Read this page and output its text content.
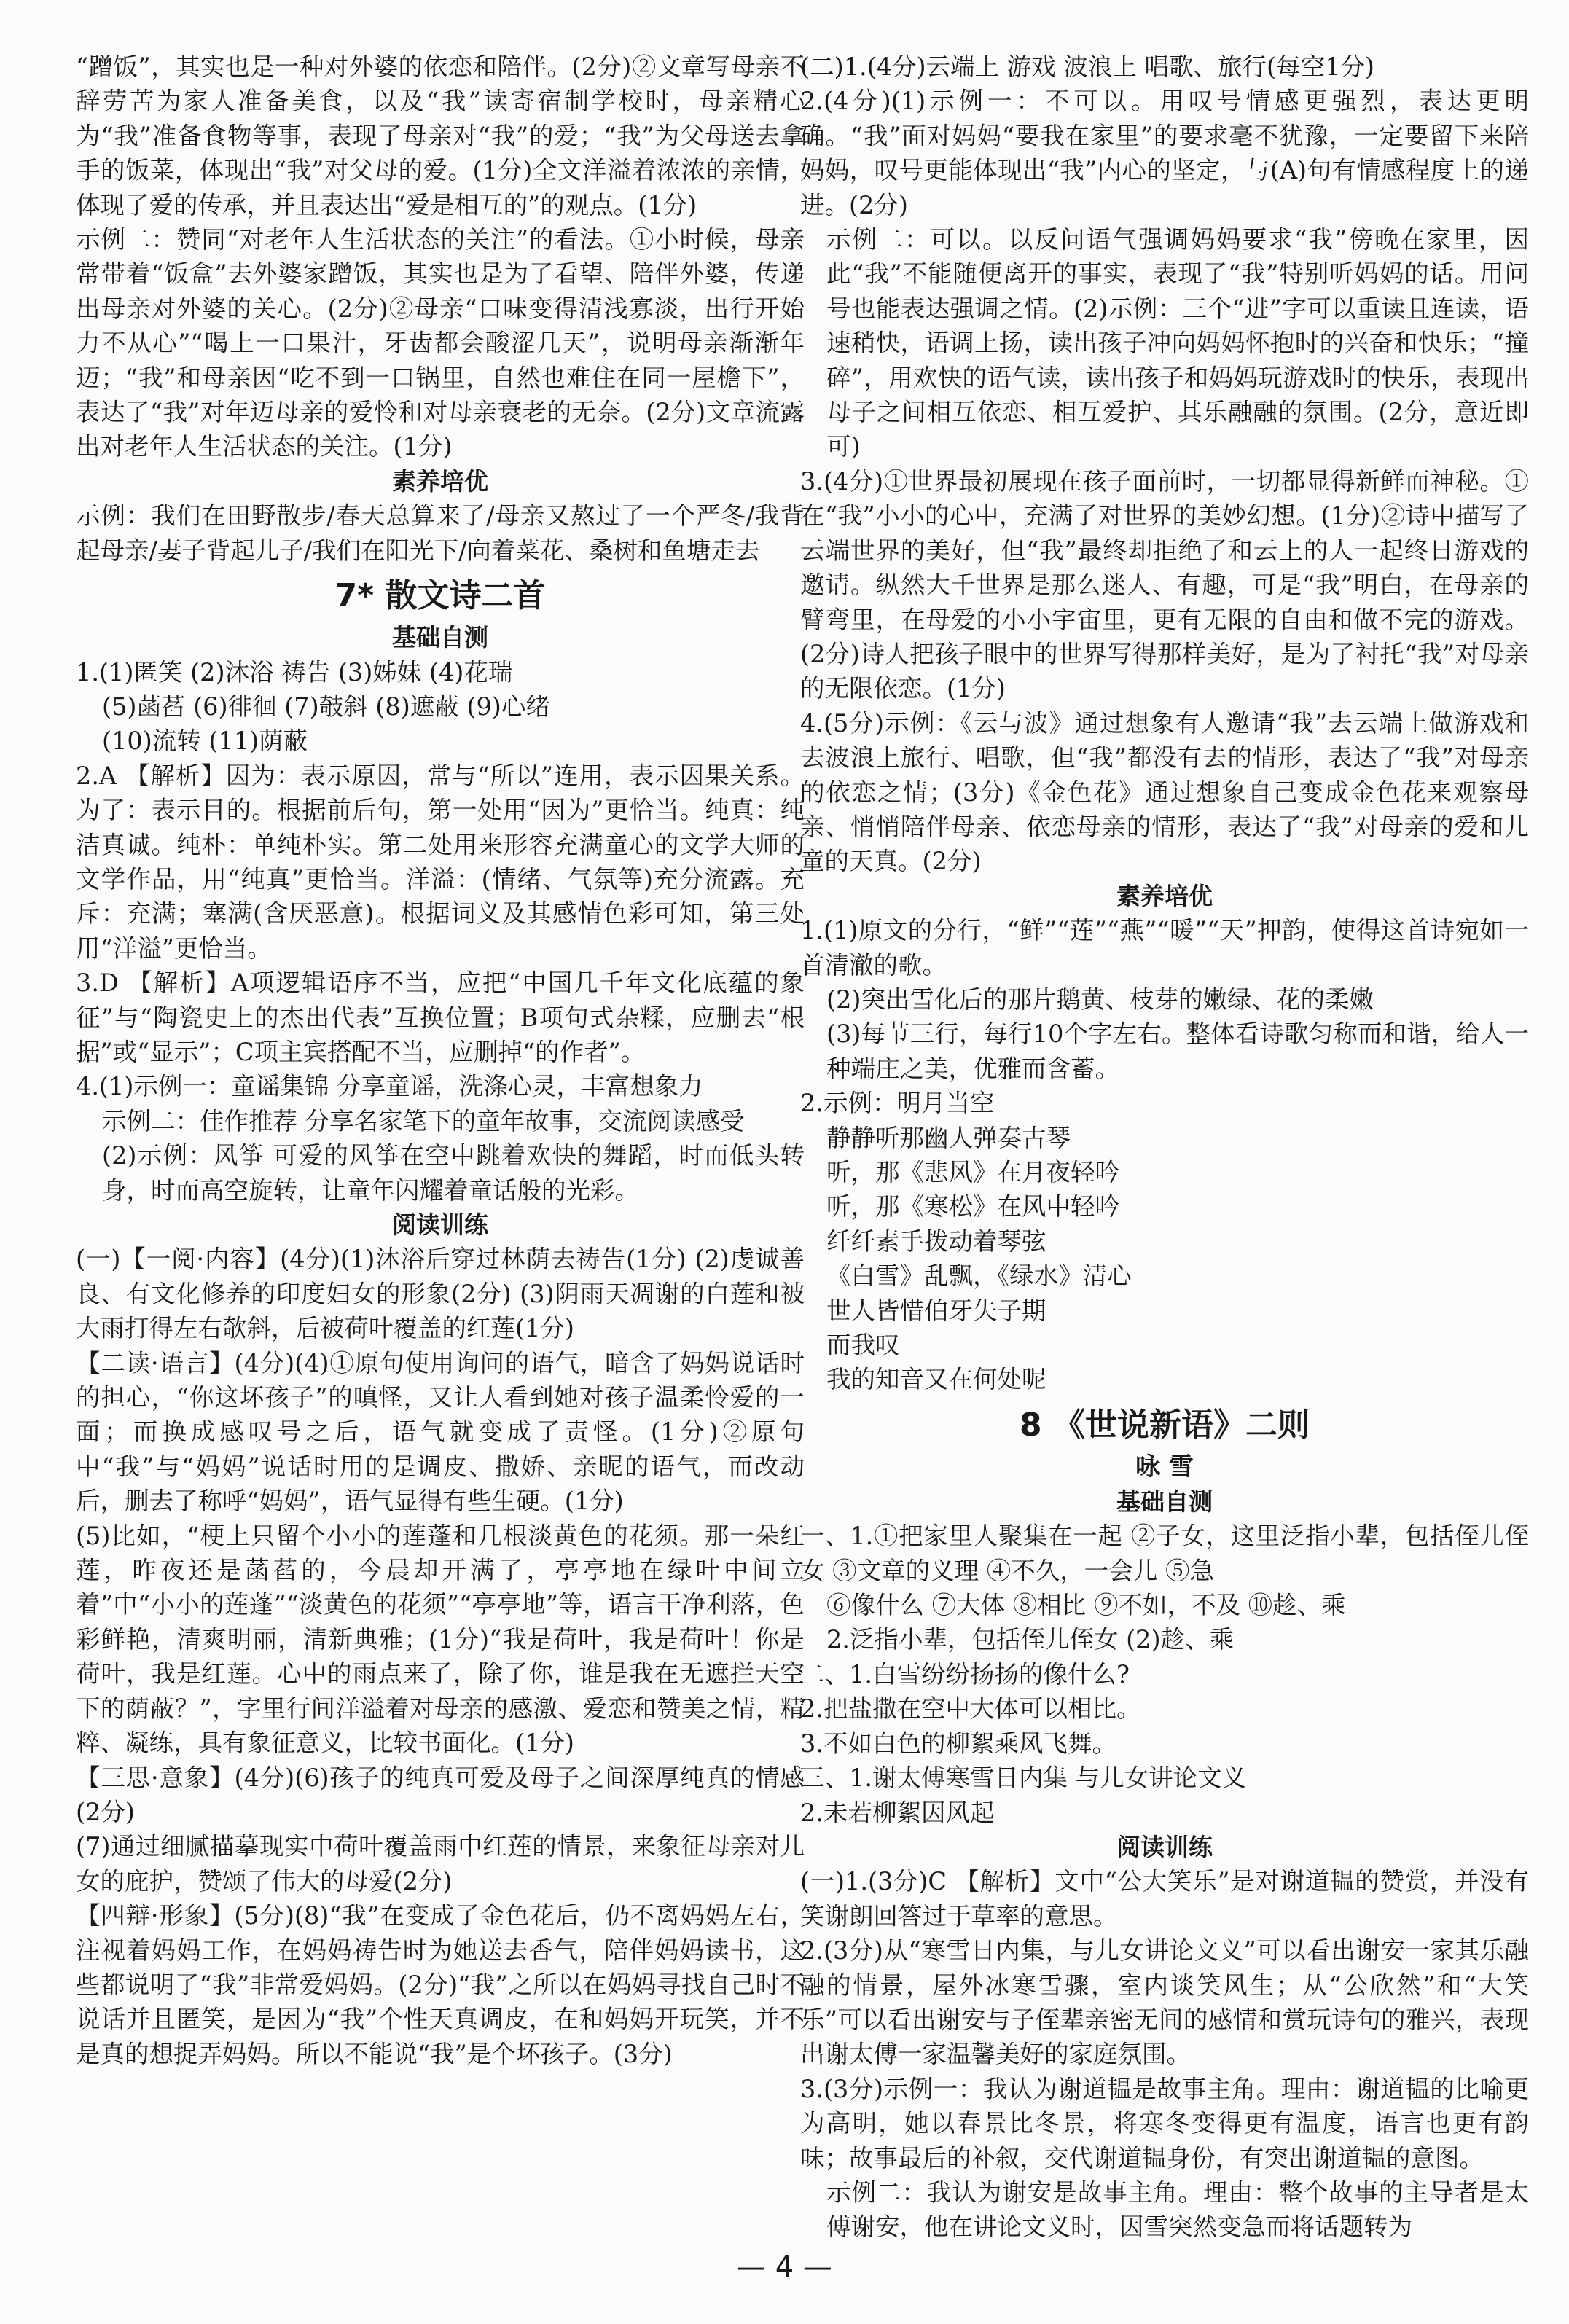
“蹭饭”，其实也是一种对外婆的依恋和陪伴。(2分)②文章写母亲不辞劳苦为家人准备美食，以及“我”读寄宿制学校时，母亲精心为“我”准备食物等事，表现了母亲对“我”的爱；“我”为父母送去拿手的饭菜，体现出“我”对父母的爱。(1分)全文洋溢着浓浓的亲情，体现了爱的传承，并且表达出“爱是相互的”的观点。(1分)

示例二：赞同“对老年人生活状态的关注”的看法。①小时候，母亲常带着“饭盒”去外婆家蹭饭，其实也是为了看望、陪伴外婆，传递出母亲对外婆的关心。(2分)②母亲“口味变得清浅寡淡，出行开始力不从心”“喝上一口果汁，牙齿都会酸涩几天”，说明母亲渐渐年迈；“我”和母亲因“吃不到一口锅里，自然也难住在同一屋檐下”，表达了“我”对年迈母亲的爱怜和对母亲衰老的无奈。(2分)文章流露出对老年人生活状态的关注。(1分)

素养培优

示例：我们在田野散步/春天总算来了/母亲又熬过了一个严冬/我背起母亲/妻子背起儿子/我们在阳光下/向着菜花、桑树和鱼塘走去

7* 散文诗二首

基础自测

1.(1)匿笑 (2)沐浴 祷告 (3)姊妹 (4)花瑞

(5)菡萏 (6)徘徊 (7)攲斜 (8)遮蔽 (9)心绪

(10)流转 (11)荫蔽

2.A 【解析】因为：表示原因，常与“所以”连用，表示因果关系。为了：表示目的。根据前后句，第一处用“因为”更恰当。纯真：纯洁真诚。纯朴：单纯朴实。第二处用来形容充满童心的文学大师的文学作品，用“纯真”更恰当。洋溢：(情绪、气氛等)充分流露。充斥：充满；塞满(含厌恶意)。根据词义及其感情色彩可知，第三处用“洋溢”更恰当。

3.D 【解析】A项逻辑语序不当，应把“中国几千年文化底蕴的象征”与“陶瓷史上的杰出代表”互换位置；B项句式杂糅，应删去“根据”或“显示”；C项主宾搭配不当，应删掉“的作者”。

4.(1)示例一：童谣集锦 分享童谣，洗涤心灵，丰富想象力

示例二：佳作推荐 分享名家笔下的童年故事，交流阅读感受

(2)示例：风筝 可爱的风筝在空中跳着欢快的舞蹈，时而低头转身，时而高空旋转，让童年闪耀着童话般的光彩。

阅读训练

(一)【一阅·内容】(4分)(1)沐浴后穿过林荫去祷告(1分) (2)虔诚善良、有文化修养的印度妇女的形象(2分) (3)阴雨天凋谢的白莲和被大雨打得左右欹斜，后被荷叶覆盖的红莲(1分)

【二读·语言】(4分)(4)①原句使用询问的语气，暗含了妈妈说话时的担心，“你这坏孩子”的嗔怪，又让人看到她对孩子温柔怜爱的一面；而换成感叹号之后，语气就变成了责怪。(1分)②原句中“我”与“妈妈”说话时用的是调皮、撒娇、亲昵的语气，而改动后，删去了称呼“妈妈”，语气显得有些生硬。(1分)

(5)比如，“梗上只留个小小的莲蓬和几根淡黄色的花须。那一朵红莲，昨夜还是菡萏的，今晨却开满了，亭亭地在绿叶中间立着”中“小小的莲蓬”“淡黄色的花须”“亭亭地”等，语言干净利落，色彩鲜艳，清爽明丽，清新典雅；(1分)“我是荷叶，我是荷叶！你是荷叶，我是红莲。心中的雨点来了，除了你，谁是我在无遮拦天空下的荫蔽？”，字里行间洋溢着对母亲的感激、爱恋和赞美之情，精粹、凝练，具有象征意义，比较书面化。(1分)

【三思·意象】(4分)(6)孩子的纯真可爱及母子之间深厚纯真的情感(2分)

(7)通过细腻描摹现实中荷叶覆盖雨中红莲的情景，来象征母亲对儿女的庇护，赞颂了伟大的母爱(2分)

【四辩·形象】(5分)(8)“我”在变成了金色花后，仍不离妈妈左右，注视着妈妈工作，在妈妈祷告时为她送去香气，陪伴妈妈读书，这些都说明了“我”非常爱妈妈。(2分)“我”之所以在妈妈寻找自己时不说话并且匿笑，是因为“我”个性天真调皮，在和妈妈开玩笑，并不是真的想捉弄妈妈。所以不能说“我”是个坏孩子。(3分)

(二)1.(4分)云端上 游戏 波浪上 唱歌、旅行(每空1分)

2.(4分)(1)示例一：不可以。用叹号情感更强烈，表达更明确。“我”面对妈妈“要我在家里”的要求毫不犹豫，一定要留下来陪妈妈，叹号更能体现出“我”内心的坚定，与(A)句有情感程度上的递进。(2分)

示例二：可以。以反问语气强调妈妈要求“我”傍晚在家里，因此“我”不能随便离开的事实，表现了“我”特别听妈妈的话。用问号也能表达强调之情。(2)示例：三个“进”字可以重读且连读，语速稍快，语调上扬，读出孩子冲向妈妈怀抱时的兴奋和快乐；“撞碎”，用欢快的语气读，读出孩子和妈妈玩游戏时的快乐，表现出母子之间相互依恋、相互爱护、其乐融融的氛围。(2分，意近即可)

3.(4分)①世界最初展现在孩子面前时，一切都显得新鲜而神秘。①在“我”小小的心中，充满了对世界的美妙幻想。(1分)②诗中描写了云端世界的美好，但“我”最终却拒绝了和云上的人一起终日游戏的邀请。纵然大千世界是那么迷人、有趣，可是“我”明白，在母亲的臂弯里，在母爱的小小宇宙里，更有无限的自由和做不完的游戏。(2分)诗人把孩子眼中的世界写得那样美好，是为了衬托“我”对母亲的无限依恋。(1分)

4.(5分)示例：《云与波》通过想象有人邀请“我”去云端上做游戏和去波浪上旅行、唱歌，但“我”都没有去的情形，表达了“我”对母亲的依恋之情；(3分)《金色花》通过想象自己变成金色花来观察母亲、悄悄陪伴母亲、依恋母亲的情形，表达了“我”对母亲的爱和儿童的天真。(2分)

素养培优

1.(1)原文的分行，“鲜”“莲”“燕”“暖”“天”押韵，使得这首诗宛如一首清澈的歌。

(2)突出雪化后的那片鹅黄、枝芽的嫩绿、花的柔嫩

(3)每节三行，每行10个字左右。整体看诗歌匀称而和谐，给人一种端庄之美，优雅而含蓄。

2.示例：明月当空

静静听那幽人弹奏古琴

听，那《悲风》在月夜轻吟

听，那《寒松》在风中轻吟

纤纤素手拨动着琴弦

《白雪》乱飘，《绿水》清心

世人皆惜伯牙失子期

而我叹

我的知音又在何处呢

8 《世说新语》二则

咏 雪

基础自测

一、1.①把家里人聚集在一起 ②子女，这里泛指小辈，包括侄儿侄女 ③文章的义理 ④不久，一会儿 ⑤急

⑥像什么 ⑦大体 ⑧相比 ⑨不如，不及 ⑩趁、乘

2.泛指小辈，包括侄儿侄女 (2)趁、乘

二、1.白雪纷纷扬扬的像什么?

2.把盐撒在空中大体可以相比。

3.不如白色的柳絮乘风飞舞。

三、1.谢太傅寒雪日内集 与儿女讲论文义

2.未若柳絮因风起

阅读训练

(一)1.(3分)C 【解析】文中“公大笑乐”是对谢道韫的赞赏，并没有笑谢朗回答过于草率的意思。

2.(3分)从“寒雪日内集，与儿女讲论文义”可以看出谢安一家其乐融融的情景，屋外冰寒雪骤，室内谈笑风生；从“公欣然”和“大笑乐”可以看出谢安与子侄辈亲密无间的感情和赏玩诗句的雅兴，表现出谢太傅一家温馨美好的家庭氛围。

3.(3分)示例一：我认为谢道韫是故事主角。理由：谢道韫的比喻更为高明，她以春景比冬景，将寒冬变得更有温度，语言也更有韵味；故事最后的补叙，交代谢道韫身份，有突出谢道韫的意图。

示例二：我认为谢安是故事主角。理由：整个故事的主导者是太傅谢安，他在讲论文义时，因雪突然变急而将话题转为

— 4 —
